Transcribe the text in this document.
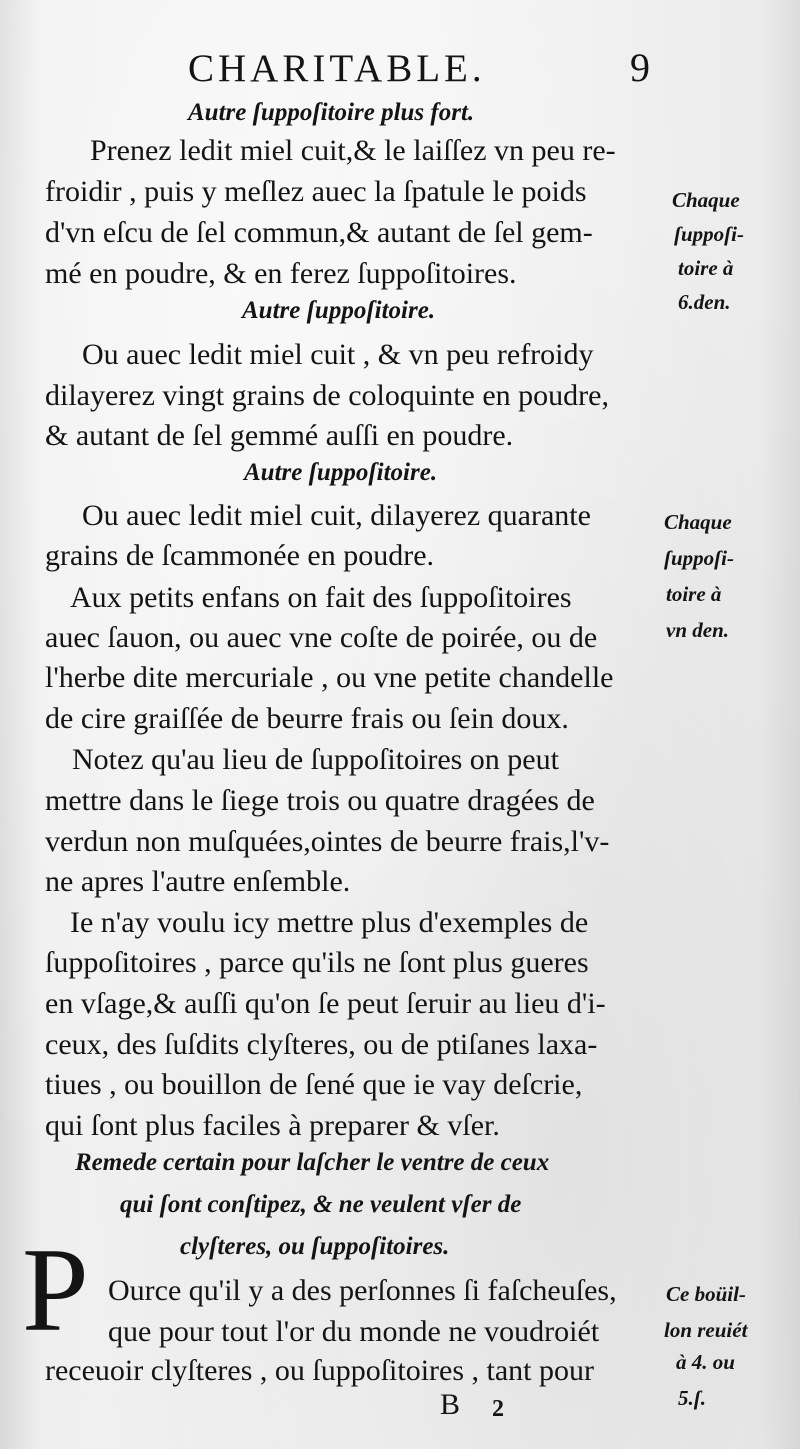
CHARITABLE.	9
Autre ſuppoſitoire plus fort.
Prenez ledit miel cuit,& le laiſſez vn peu re-
froidir , puis y meſlez auec la ſpatule le poids
d'vn eſcu de ſel commun,& autant de ſel gem-
mé en poudre, & en ferez ſuppoſitoires.
Autre ſuppoſitoire.
Ou auec ledit miel cuit , & vn peu refroidy
dilayerez vingt grains de coloquinte en poudre,
& autant de ſel gemmé auſſi en poudre.
Autre ſuppoſitoire.
Ou auec ledit miel cuit, dilayerez quarante
grains de ſcammonée en poudre.
Aux petits enfans on fait des ſuppoſitoires
auec ſauon, ou auec vne coſte de poirée, ou de
l'herbe dite mercuriale , ou vne petite chandelle
de cire graiſſée de beurre frais ou ſein doux.
Notez qu'au lieu de ſuppoſitoires on peut
mettre dans le ſiege trois ou quatre dragées de
verdun non muſquées,ointes de beurre frais,l'v-
ne apres l'autre enſemble.
Ie n'ay voulu icy mettre plus d'exemples de
ſuppoſitoires , parce qu'ils ne ſont plus gueres
en vſage,& auſſi qu'on ſe peut ſeruir au lieu d'i-
ceux, des ſuſdits clyſteres, ou de ptiſanes laxa-
tiues , ou bouillon de ſené que ie vay deſcrie,
qui ſont plus faciles à preparer & vſer.
Remede certain pour laſcher le ventre de ceux
qui ſont conſtipez, & ne veulent vſer de
clyſteres, ou ſuppoſitoires.
P Ource qu'il y a des perſonnes ſi faſcheuſes,
que pour tout l'or du monde ne voudroiét
receuoir clyſteres , ou ſuppoſitoires , tant pour
Chaque
ſuppoſi-
toire à
6.den.
Chaque
ſuppoſi-
toire à
vn den.
Ce boüil-
lon reuiét
à 4. ou
5.ſ.
B 2
